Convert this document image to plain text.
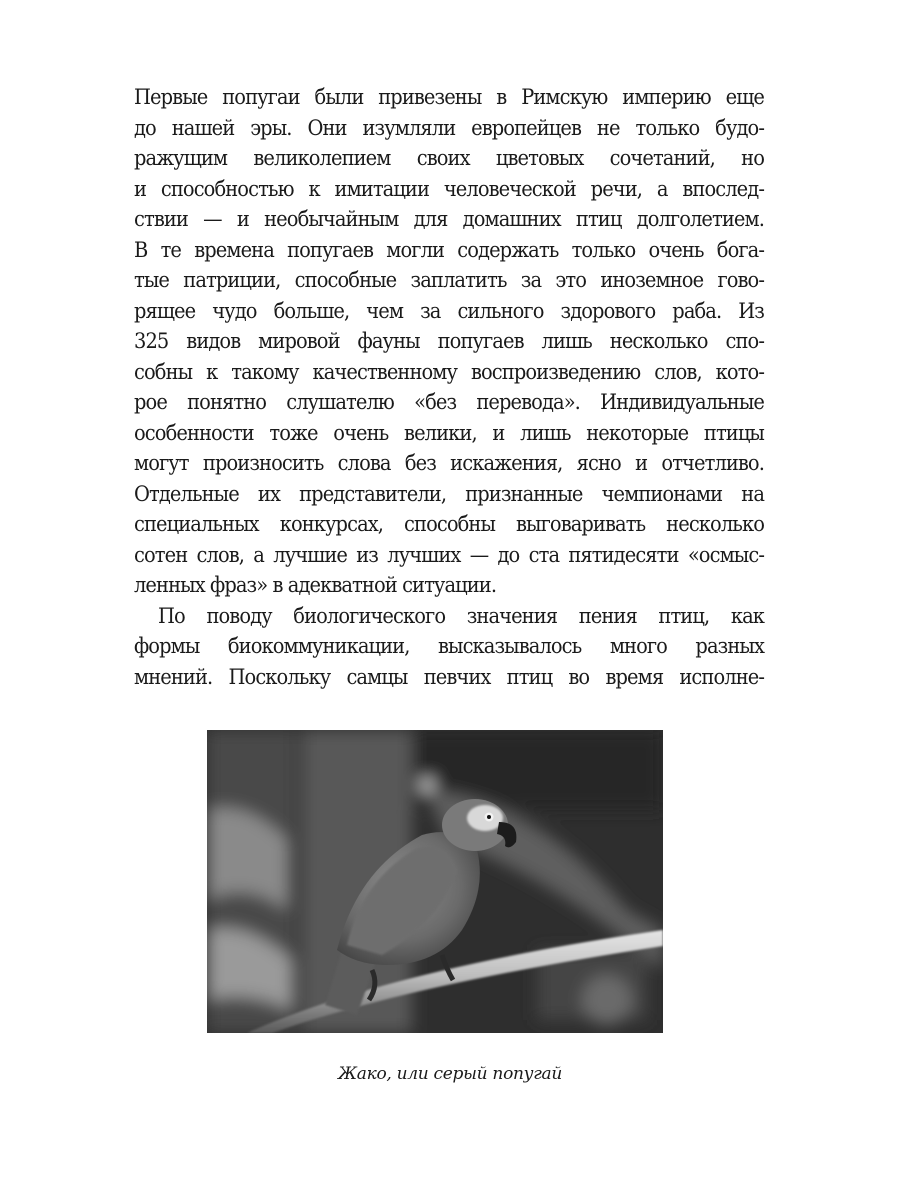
Первые попугаи были привезены в Римскую империю еще
до нашей эры. Они изумляли европейцев не только будо-
ражущим великолепием своих цветовых сочетаний, но
и способностью к имитации человеческой речи, а впослед-
ствии — и необычайным для домашних птиц долголетием.
В те времена попугаев могли содержать только очень бога-
тые патриции, способные заплатить за это иноземное гово-
рящее чудо больше, чем за сильного здорового раба. Из
325 видов мировой фауны попугаев лишь несколько спо-
собны к такому качественному воспроизведению слов, кото-
рое понятно слушателю «без перевода». Индивидуальные
особенности тоже очень велики, и лишь некоторые птицы
могут произносить слова без искажения, ясно и отчетливо.
Отдельные их представители, признанные чемпионами на
специальных конкурсах, способны выговаривать несколько
сотен слов, а лучшие из лучших — до ста пятидесяти «осмыс-
ленных фраз» в адекватной ситуации.
По поводу биологического значения пения птиц, как
формы биокоммуникации, высказывалось много разных
мнений. Поскольку самцы певчих птиц во время исполне-
Жако, или серый попугай
